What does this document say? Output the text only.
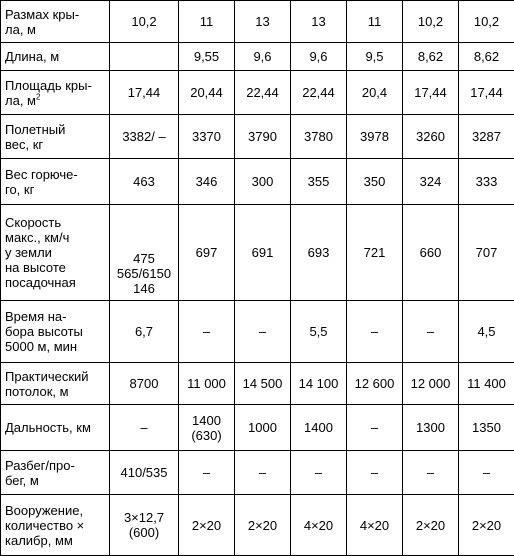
Размах кры-
ла, м	10,2	11	13	13	11	10,2	10,2
Длина, м		9,55	9,6	9,6	9,5	8,62	8,62
Площадь кры-
ла, $м^2$	17,44	20,44	22,44	22,44	20,4	17,44	17,44
Полетный
вес, кг	3382/ –	3370	3790	3780	3978	3260	3287
Вес горюче-
го, кг	463	346	300	355	350	324	333
Скорость
макс., км/ч
у земли
на высоте
посадочная	475
565/6150
146	697	691	693	721	660	707
Время на-
бора высоты
5000 м, мин	6,7	–	–	5,5	–	–	4,5
Практический
потолок, м	8700	11 000	14 500	14 100	12 600	12 000	11 400
Дальность, км	–	1400
(630)	1000	1400	–	1300	1350
Разбег/про-
бег, м	410/535	–	–	–	–	–	–
Вооружение,
количество ×
калибр, мм	3×12,7
(600)	2×20	2×20	4×20	4×20	2×20	2×20
